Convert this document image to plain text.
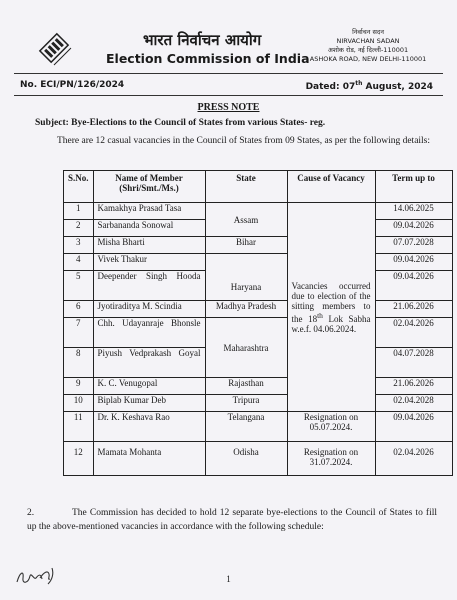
भारत निर्वाचन आयोग
Election Commission of India
निर्वाचन सदन
NIRVACHAN SADAN
अशोक रोड, नई दिल्ली-110001
ASHOKA ROAD, NEW DELHI-110001
No. ECI/PN/126/2024	Dated: 07th August, 2024
PRESS NOTE
Subject: Bye-Elections to the Council of States from various States- reg.
There are 12 casual vacancies in the Council of States from 09 States, as per the following details:
S.No.	Name of Member (Shri/Smt./Ms.)	State	Cause of Vacancy	Term up to
1	Kamakhya Prasad Tasa	Assam	Vacancies occurred due to election of the sitting members to the 18th Lok Sabha w.e.f. 04.06.2024.	14.06.2025
2	Sarbananda Sonowal			09.04.2026
3	Misha Bharti	Bihar		07.07.2028
4	Vivek Thakur	Haryana		09.04.2026
5	Deepender Singh Hooda			09.04.2026
6	Jyotiraditya M. Scindia	Madhya Pradesh		21.06.2026
7	Chh. Udayanraje Bhonsle	Maharashtra		02.04.2026
8	Piyush Vedprakash Goyal			04.07.2028
9	K. C. Venugopal	Rajasthan		21.06.2026
10	Biplab Kumar Deb	Tripura		02.04.2028
11	Dr. K. Keshava Rao	Telangana	Resignation on 05.07.2024.	09.04.2026
12	Mamata Mohanta	Odisha	Resignation on 31.07.2024.	02.04.2026
2.	The Commission has decided to hold 12 separate bye-elections to the Council of States to fill up the above-mentioned vacancies in accordance with the following schedule:
1
